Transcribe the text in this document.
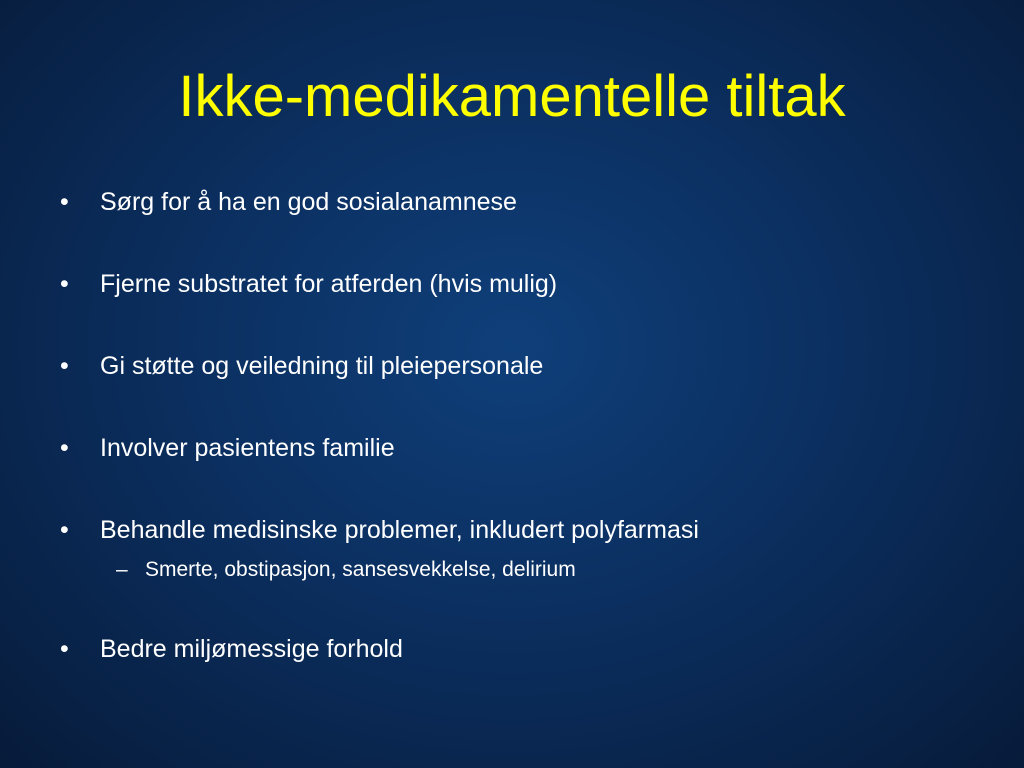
Ikke-medikamentelle tiltak
•	Sørg for å ha en god sosialanamnese
•	Fjerne substratet for atferden (hvis mulig)
•	Gi støtte og veiledning til pleiepersonale
•	Involver pasientens familie
•	Behandle medisinske problemer, inkludert polyfarmasi
– Smerte, obstipasjon, sansesvekkelse, delirium
•	Bedre miljømessige forhold
